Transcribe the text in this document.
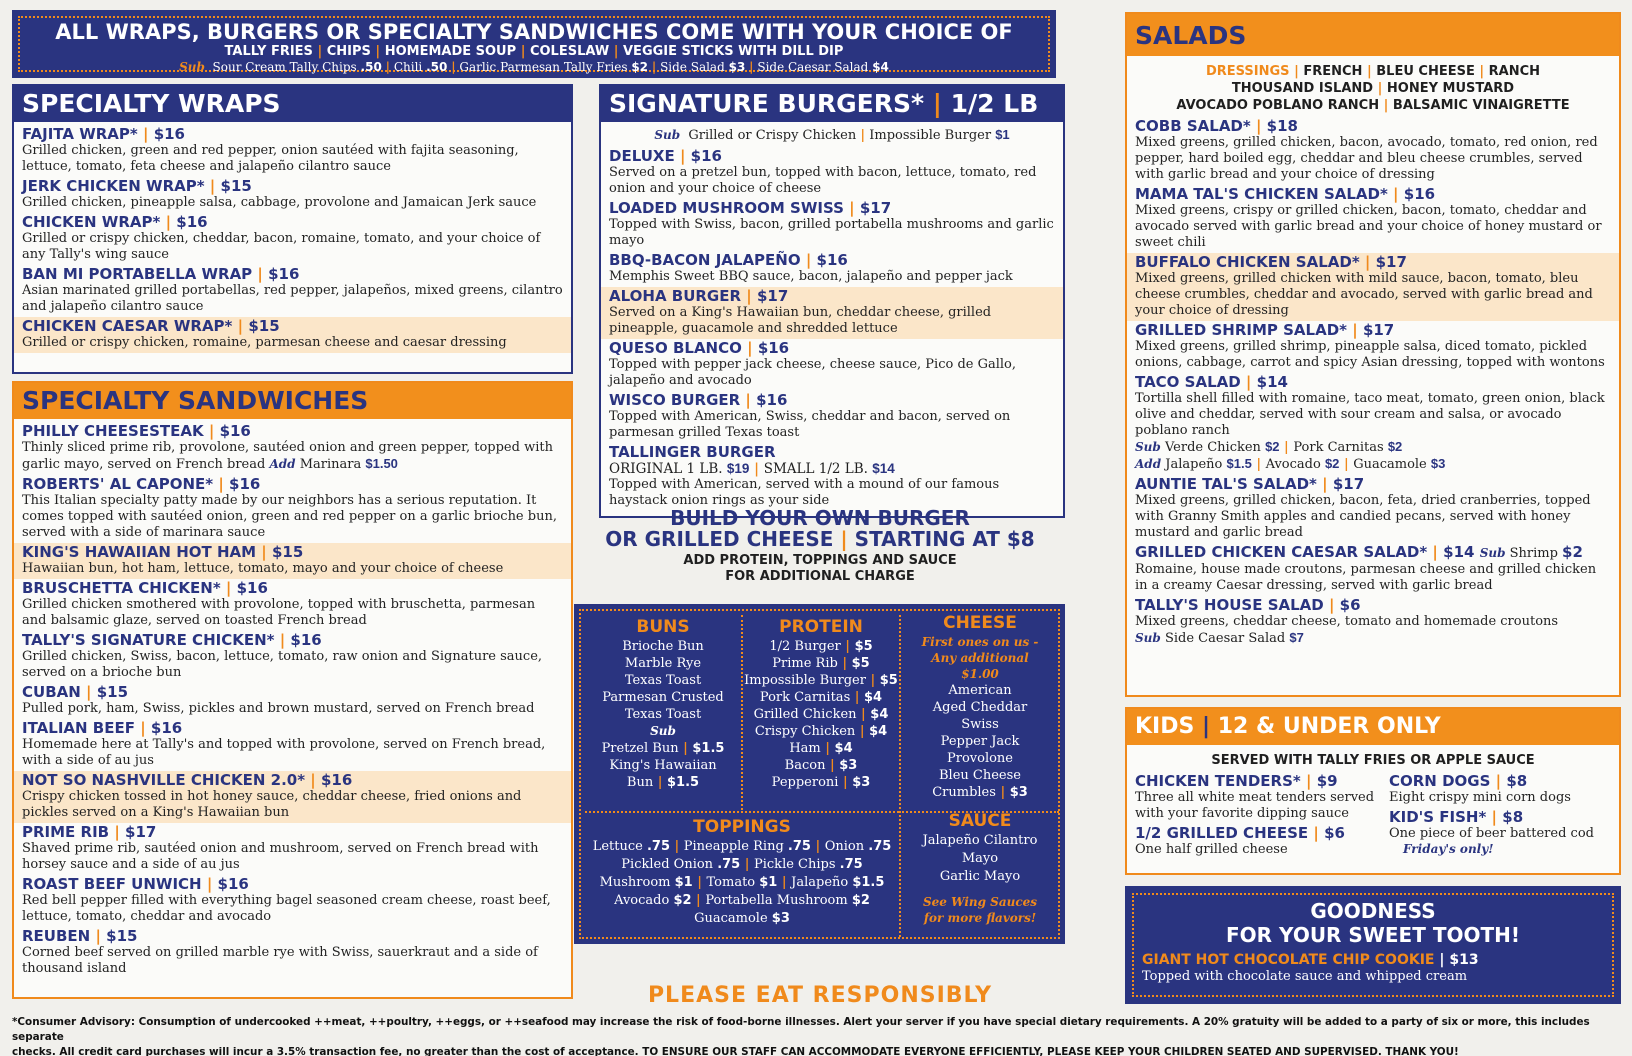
ALL WRAPS, BURGERS OR SPECIALTY SANDWICHES COME WITH YOUR CHOICE OF
TALLY FRIES | CHIPS | HOMEMADE SOUP | COLESLAW | VEGGIE STICKS WITH DILL DIP
Sub Sour Cream Tally Chips .50 | Chili .50 | Garlic Parmesan Tally Fries $2 | Side Salad $3 | Side Caesar Salad $4
SPECIALTY WRAPS
FAJITA WRAP* | $16
Grilled chicken, green and red pepper, onion sautéed with fajita seasoning, lettuce, tomato, feta cheese and jalapeño cilantro sauce
JERK CHICKEN WRAP* | $15
Grilled chicken, pineapple salsa, cabbage, provolone and Jamaican Jerk sauce
CHICKEN WRAP* | $16
Grilled or crispy chicken, cheddar, bacon, romaine, tomato, and your choice of any Tally's wing sauce
BAN MI PORTABELLA WRAP | $16
Asian marinated grilled portabellas, red pepper, jalapeños, mixed greens, cilantro and jalapeño cilantro sauce
CHICKEN CAESAR WRAP* | $15
Grilled or crispy chicken, romaine, parmesan cheese and caesar dressing
SPECIALTY SANDWICHES
PHILLY CHEESESTEAK | $16
Thinly sliced prime rib, provolone, sautéed onion and green pepper, topped with garlic mayo, served on French bread Add Marinara $1.50
ROBERTS' AL CAPONE* | $16
This Italian specialty patty made by our neighbors has a serious reputation. It comes topped with sautéed onion, green and red pepper on a garlic brioche bun, served with a side of marinara sauce
KING'S HAWAIIAN HOT HAM | $15
Hawaiian bun, hot ham, lettuce, tomato, mayo and your choice of cheese
BRUSCHETTA CHICKEN* | $16
Grilled chicken smothered with provolone, topped with bruschetta, parmesan and balsamic glaze, served on toasted French bread
TALLY'S SIGNATURE CHICKEN* | $16
Grilled chicken, Swiss, bacon, lettuce, tomato, raw onion and Signature sauce, served on a brioche bun
CUBAN | $15
Pulled pork, ham, Swiss, pickles and brown mustard, served on French bread
ITALIAN BEEF | $16
Homemade here at Tally's and topped with provolone, served on French bread, with a side of au jus
NOT SO NASHVILLE CHICKEN 2.0* | $16
Crispy chicken tossed in hot honey sauce, cheddar cheese, fried onions and pickles served on a King's Hawaiian bun
PRIME RIB | $17
Shaved prime rib, sautéed onion and mushroom, served on French bread with horsey sauce and a side of au jus
ROAST BEEF UNWICH | $16
Red bell pepper filled with everything bagel seasoned cream cheese, roast beef, lettuce, tomato, cheddar and avocado
REUBEN | $15
Corned beef served on grilled marble rye with Swiss, sauerkraut and a side of thousand island
SIGNATURE BURGERS* | 1/2 LB
Sub Grilled or Crispy Chicken | Impossible Burger $1
DELUXE | $16
Served on a pretzel bun, topped with bacon, lettuce, tomato, red onion and your choice of cheese
LOADED MUSHROOM SWISS | $17
Topped with Swiss, bacon, grilled portabella mushrooms and garlic mayo
BBQ-BACON JALAPEÑO | $16
Memphis Sweet BBQ sauce, bacon, jalapeño and pepper jack
ALOHA BURGER | $17
Served on a King's Hawaiian bun, cheddar cheese, grilled pineapple, guacamole and shredded lettuce
QUESO BLANCO | $16
Topped with pepper jack cheese, cheese sauce, Pico de Gallo, jalapeño and avocado
WISCO BURGER | $16
Topped with American, Swiss, cheddar and bacon, served on parmesan grilled Texas toast
TALLINGER BURGER
ORIGINAL 1 LB. $19 | SMALL 1/2 LB. $14
Topped with American, served with a mound of our famous haystack onion rings as your side
BUILD YOUR OWN BURGER
OR GRILLED CHEESE | STARTING AT $8
ADD PROTEIN, TOPPINGS AND SAUCE
FOR ADDITIONAL CHARGE
BUNS
Brioche Bun
Marble Rye
Texas Toast
Parmesan Crusted
Texas Toast
Sub
Pretzel Bun | $1.5
King's Hawaiian
Bun | $1.5
PROTEIN
1/2 Burger | $5
Prime Rib | $5
Impossible Burger | $5
Pork Carnitas | $4
Grilled Chicken | $4
Crispy Chicken | $4
Ham | $4
Bacon | $3
Pepperoni | $3
CHEESE
First ones on us -
Any additional
$1.00
American
Aged Cheddar
Swiss
Pepper Jack
Provolone
Bleu Cheese
Crumbles | $3
TOPPINGS
Lettuce .75 | Pineapple Ring .75 | Onion .75
Pickled Onion .75 | Pickle Chips .75
Mushroom $1 | Tomato $1 | Jalapeño $1.5
Avocado $2 | Portabella Mushroom $2
Guacamole $3
SAUCE
Jalapeño Cilantro
Mayo
Garlic Mayo
See Wing Sauces
for more flavors!
PLEASE EAT RESPONSIBLY
SALADS
DRESSINGS | FRENCH | BLEU CHEESE | RANCH
THOUSAND ISLAND | HONEY MUSTARD
AVOCADO POBLANO RANCH | BALSAMIC VINAIGRETTE
COBB SALAD* | $18
Mixed greens, grilled chicken, bacon, avocado, tomato, red onion, red pepper, hard boiled egg, cheddar and bleu cheese crumbles, served with garlic bread and your choice of dressing
MAMA TAL'S CHICKEN SALAD* | $16
Mixed greens, crispy or grilled chicken, bacon, tomato, cheddar and avocado served with garlic bread and your choice of honey mustard or sweet chili
BUFFALO CHICKEN SALAD* | $17
Mixed greens, grilled chicken with mild sauce, bacon, tomato, bleu cheese crumbles, cheddar and avocado, served with garlic bread and your choice of dressing
GRILLED SHRIMP SALAD* | $17
Mixed greens, grilled shrimp, pineapple salsa, diced tomato, pickled onions, cabbage, carrot and spicy Asian dressing, topped with wontons
TACO SALAD | $14
Tortilla shell filled with romaine, taco meat, tomato, green onion, black olive and cheddar, served with sour cream and salsa, or avocado poblano ranch
Sub Verde Chicken $2 | Pork Carnitas $2
Add Jalapeño $1.5 | Avocado $2 | Guacamole $3
AUNTIE TAL'S SALAD* | $17
Mixed greens, grilled chicken, bacon, feta, dried cranberries, topped with Granny Smith apples and candied pecans, served with honey mustard and garlic bread
GRILLED CHICKEN CAESAR SALAD* | $14 Sub Shrimp $2
Romaine, house made croutons, parmesan cheese and grilled chicken in a creamy Caesar dressing, served with garlic bread
TALLY'S HOUSE SALAD | $6
Mixed greens, cheddar cheese, tomato and homemade croutons
Sub Side Caesar Salad $7
KIDS | 12 & UNDER ONLY
SERVED WITH TALLY FRIES OR APPLE SAUCE
CHICKEN TENDERS* | $9
Three all white meat tenders served with your favorite dipping sauce
1/2 GRILLED CHEESE | $6
One half grilled cheese
CORN DOGS | $8
Eight crispy mini corn dogs
KID'S FISH* | $8
One piece of beer battered cod
Friday's only!
GOODNESS
FOR YOUR SWEET TOOTH!
GIANT HOT CHOCOLATE CHIP COOKIE | $13
Topped with chocolate sauce and whipped cream
*Consumer Advisory: Consumption of undercooked ++meat, ++poultry, ++eggs, or ++seafood may increase the risk of food-borne illnesses. Alert your server if you have special dietary requirements. A 20% gratuity will be added to a party of six or more, this includes separate
checks. All credit card purchases will incur a 3.5% transaction fee, no greater than the cost of acceptance. TO ENSURE OUR STAFF CAN ACCOMMODATE EVERYONE EFFICIENTLY, PLEASE KEEP YOUR CHILDREN SEATED AND SUPERVISED. THANK YOU!
